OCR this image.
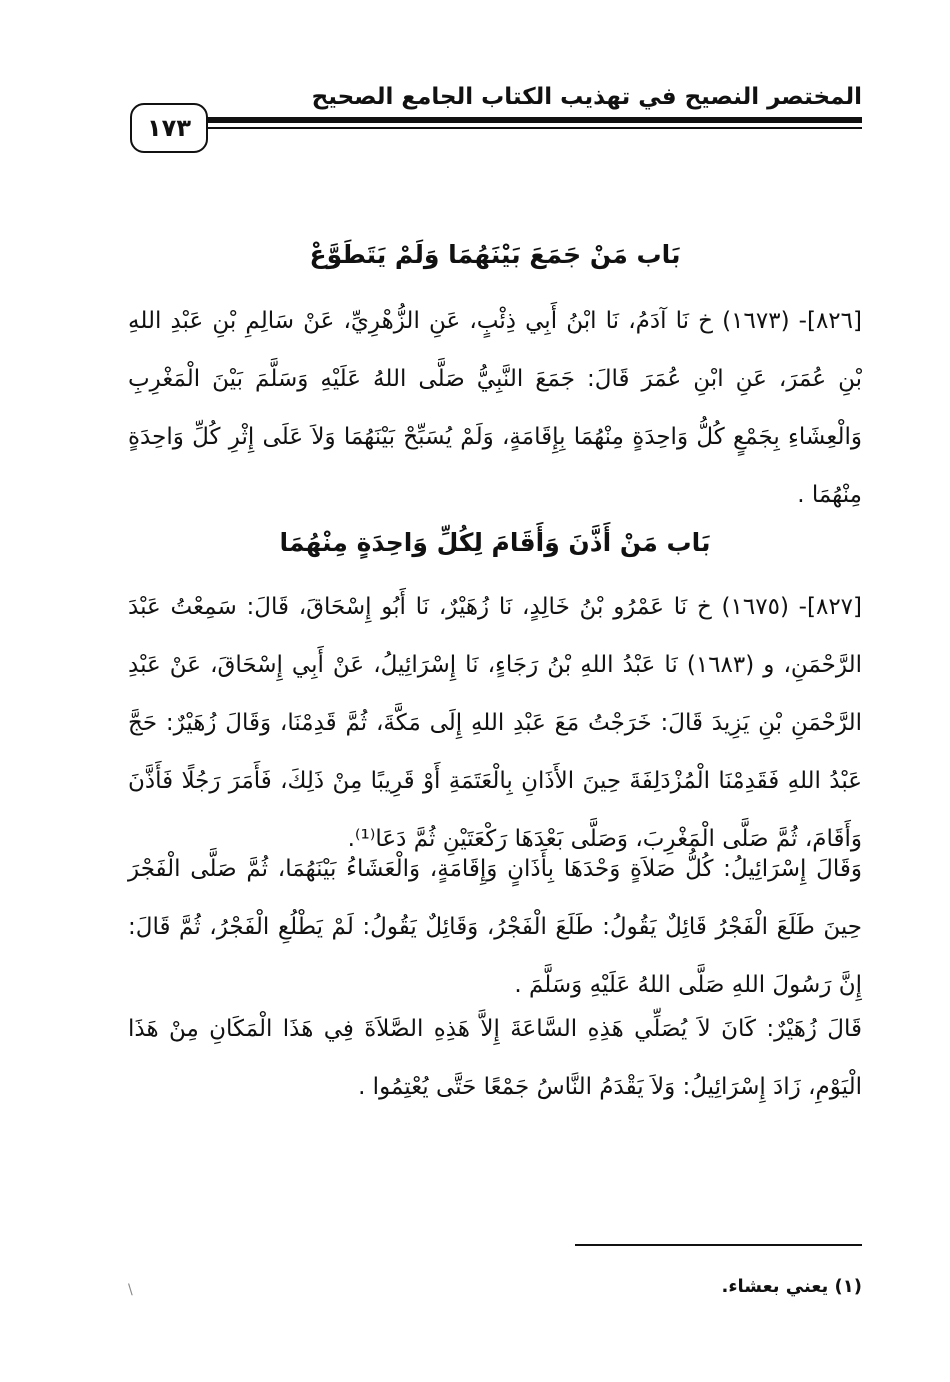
المختصر النصيح في تهذيب الكتاب الجامع الصحيح
١٧٣
بَاب مَنْ جَمَعَ بَيْنَهُمَا وَلَمْ يَتَطَوَّعْ
[٨٢٦]- (١٦٧٣) خ نَا آدَمُ، نَا ابْنُ أَبِي ذِئْبٍ، عَنِ الزُّهْرِيِّ، عَنْ سَالِمِ بْنِ عَبْدِ اللهِ بْنِ عُمَرَ، عَنِ ابْنِ عُمَرَ قَالَ: جَمَعَ النَّبِيُّ صَلَّى اللهُ عَلَيْهِ وَسَلَّمَ بَيْنَ الْمَغْرِبِ وَالْعِشَاءِ بِجَمْعٍ كُلُّ وَاحِدَةٍ مِنْهُمَا بِإِقَامَةٍ، وَلَمْ يُسَبِّحْ بَيْنَهُمَا وَلاَ عَلَى إِثْرِ كُلِّ وَاحِدَةٍ مِنْهُمَا .
بَاب مَنْ أَذَّنَ وَأَقَامَ لِكُلِّ وَاحِدَةٍ مِنْهُمَا
[٨٢٧]- (١٦٧٥) خ نَا عَمْرُو بْنُ خَالِدٍ، نَا زُهَيْرٌ، نَا أَبُو إِسْحَاقَ، قَالَ: سَمِعْتُ عَبْدَ الرَّحْمَنِ، و (١٦٨٣) نَا عَبْدُ اللهِ بْنُ رَجَاءٍ، نَا إِسْرَائِيلُ، عَنْ أَبِي إِسْحَاقَ، عَنْ عَبْدِ الرَّحْمَنِ بْنِ يَزِيدَ قَالَ: خَرَجْتُ مَعَ عَبْدِ اللهِ إِلَى مَكَّةَ، ثُمَّ قَدِمْنَا، وَقَالَ زُهَيْرٌ: حَجَّ عَبْدُ اللهِ فَقَدِمْنَا الْمُزْدَلِفَةَ حِينَ الأَذَانِ بِالْعَتَمَةِ أَوْ قَرِيبًا مِنْ ذَلِكَ، فَأَمَرَ رَجُلًا فَأَذَّنَ وَأَقَامَ، ثُمَّ صَلَّى الْمَغْرِبَ، وَصَلَّى بَعْدَهَا رَكْعَتَيْنِ ثُمَّ دَعَا⁽¹⁾.
وَقَالَ إِسْرَائِيلُ: كُلُّ صَلاَةٍ وَحْدَهَا بِأَذَانٍ وَإِقَامَةٍ، وَالْعَشَاءُ بَيْنَهُمَا، ثُمَّ صَلَّى الْفَجْرَ حِينَ طَلَعَ الْفَجْرُ قَائِلٌ يَقُولُ: طَلَعَ الْفَجْرُ، وَقَائِلٌ يَقُولُ: لَمْ يَطْلُعِ الْفَجْرُ، ثُمَّ قَالَ: إِنَّ رَسُولَ اللهِ صَلَّى اللهُ عَلَيْهِ وَسَلَّمَ .
قَالَ زُهَيْرٌ: كَانَ لاَ يُصَلِّي هَذِهِ السَّاعَةَ إِلاَّ هَذِهِ الصَّلاَةَ فِي هَذَا الْمَكَانِ مِنْ هَذَا الْيَوْمِ، زَادَ إِسْرَائِيلُ: وَلاَ يَقْدَمُ النَّاسُ جَمْعًا حَتَّى يُعْتِمُوا .
(١) يعني بعشاء.
\
